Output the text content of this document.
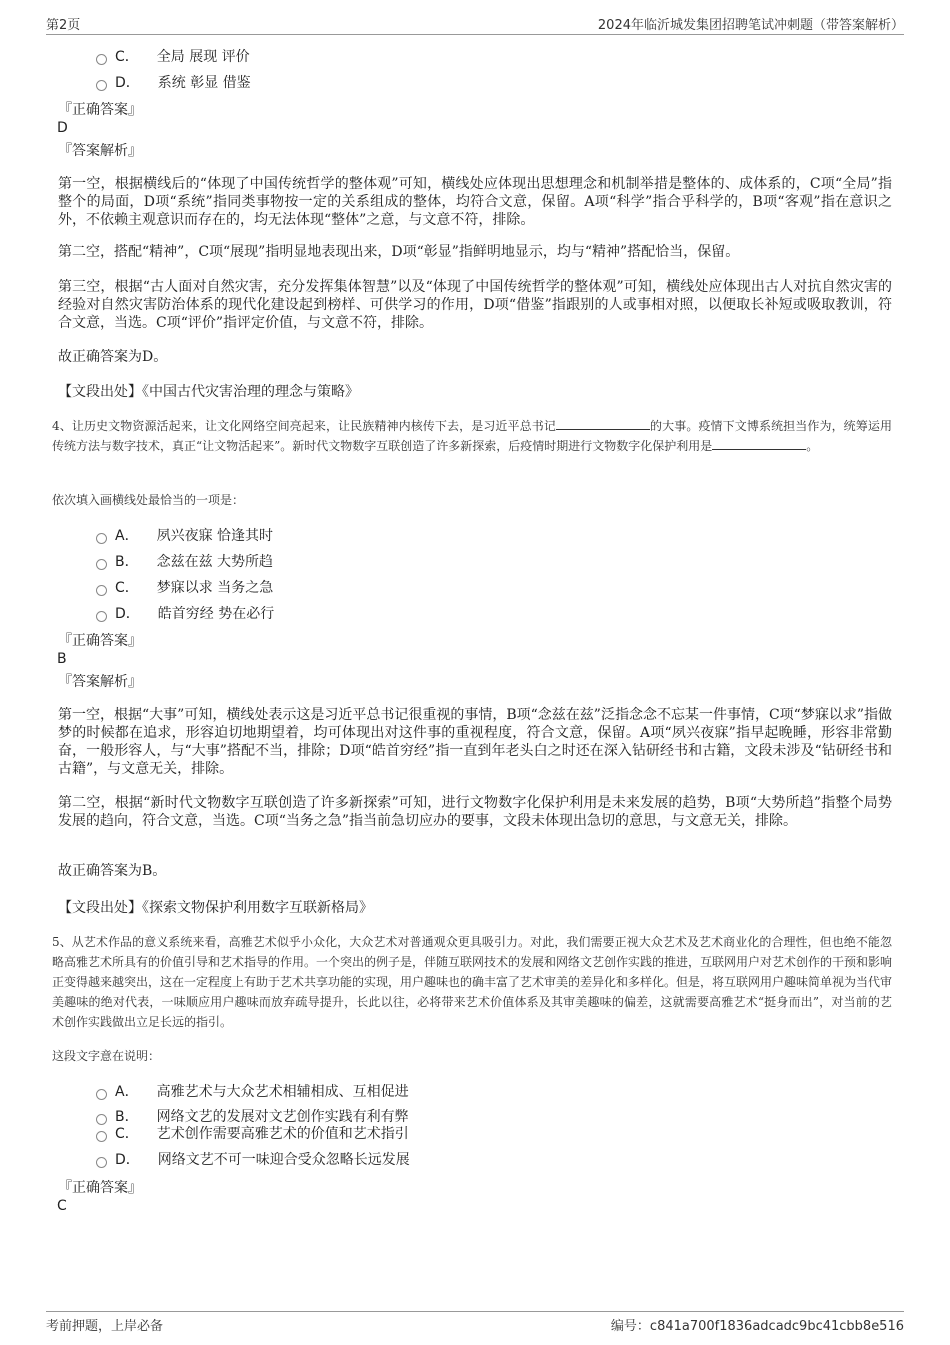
第2页	2024年临沂城发集团招聘笔试冲刺题（带答案解析）
C． 全局 展现 评价
D． 系统 彰显 借鉴
『正确答案』
D
『答案解析』
第一空，根据横线后的“体现了中国传统哲学的整体观”可知，横线处应体现出思想理念和机制举措是整体的、成体系的，C项“全局”指整个的局面，D项“系统”指同类事物按一定的关系组成的整体，均符合文意，保留。A项“科学”指合乎科学的，B项“客观”指在意识之外，不依赖主观意识而存在的，均无法体现“整体”之意，与文意不符，排除。
第二空，搭配“精神”，C项“展现”指明显地表现出来，D项“彰显”指鲜明地显示，均与“精神”搭配恰当，保留。
第三空，根据“古人面对自然灾害，充分发挥集体智慧”以及“体现了中国传统哲学的整体观”可知，横线处应体现出古人对抗自然灾害的经验对自然灾害防治体系的现代化建设起到榜样、可供学习的作用，D项“借鉴”指跟别的人或事相对照，以便取长补短或吸取教训，符合文意，当选。C项“评价”指评定价值，与文意不符，排除。
故正确答案为D。
【文段出处】《中国古代灾害治理的理念与策略》
4、让历史文物资源活起来，让文化网络空间亮起来，让民族精神内核传下去，是习近平总书记	的大事。疫情下文博系统担当作为，统筹运用传统方法与数字技术，真正“让文物活起来”。新时代文物数字互联创造了许多新探索，后疫情时期进行文物数字化保护利用是	。
依次填入画横线处最恰当的一项是：
A． 夙兴夜寐 恰逢其时
B． 念兹在兹 大势所趋
C． 梦寐以求 当务之急
D． 皓首穷经 势在必行
『正确答案』
B
『答案解析』
第一空，根据“大事”可知，横线处表示这是习近平总书记很重视的事情，B项“念兹在兹”泛指念念不忘某一件事情，C项“梦寐以求”指做梦的时候都在追求，形容迫切地期望着，均可体现出对这件事的重视程度，符合文意，保留。A项“夙兴夜寐”指早起晚睡，形容非常勤奋，一般形容人，与“大事”搭配不当，排除；D项“皓首穷经”指一直到年老头白之时还在深入钻研经书和古籍，文段未涉及“钻研经书和古籍”，与文意无关，排除。
第二空，根据“新时代文物数字互联创造了许多新探索”可知，进行文物数字化保护利用是未来发展的趋势，B项“大势所趋”指整个局势发展的趋向，符合文意，当选。C项“当务之急”指当前急切应办的要事，文段未体现出急切的意思，与文意无关，排除。
故正确答案为B。
【文段出处】《探索文物保护利用数字互联新格局》
5、从艺术作品的意义系统来看，高雅艺术似乎小众化，大众艺术对普通观众更具吸引力。对此，我们需要正视大众艺术及艺术商业化的合理性，但也绝不能忽略高雅艺术所具有的价值引导和艺术指导的作用。一个突出的例子是，伴随互联网技术的发展和网络文艺创作实践的推进，互联网用户对艺术创作的干预和影响正变得越来越突出，这在一定程度上有助于艺术共享功能的实现，用户趣味也的确丰富了艺术审美的差异化和多样化。但是，将互联网用户趣味简单视为当代审美趣味的绝对代表，一味顺应用户趣味而放弃疏导提升，长此以往，必将带来艺术价值体系及其审美趣味的偏差，这就需要高雅艺术“挺身而出”，对当前的艺术创作实践做出立足长远的指引。
这段文字意在说明：
A． 高雅艺术与大众艺术相辅相成、互相促进
B． 网络文艺的发展对文艺创作实践有利有弊
C． 艺术创作需要高雅艺术的价值和艺术指引
D． 网络文艺不可一味迎合受众忽略长远发展
『正确答案』
C
考前押题，上岸必备	编号：c841a700f1836adcadc9bc41cbb8e516
